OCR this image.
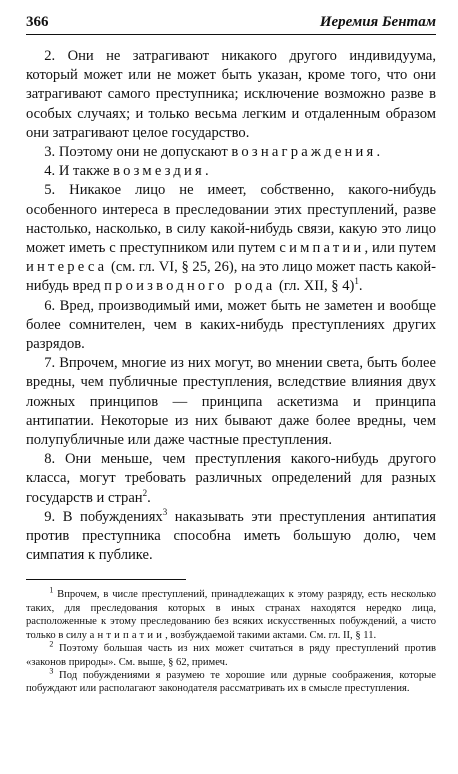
366	Иеремия Бентам

2. Они не затрагивают никакого другого индивидуума, который может или не может быть указан, кроме того, что они затрагивают самого преступника; исключение возможно разве в особых случаях; и только весьма легким и отдаленным образом они затрагивают целое государство.

3. Поэтому они не допускают вознаграждения.

4. И также возмездия.

5. Никакое лицо не имеет, собственно, какого-нибудь особенного интереса в преследовании этих преступлений, разве настолько, насколько, в силу какой-нибудь связи, какую это лицо может иметь с преступником или путем симпатии, или путем интереса (см. гл. VI, § 25, 26), на это лицо может пасть какой-нибудь вред производного рода (гл. XII, § 4)$^1$.

6. Вред, производимый ими, может быть не заметен и вообще более сомнителен, чем в каких-нибудь преступлениях других разрядов.

7. Впрочем, многие из них могут, во мнении света, быть более вредны, чем публичные преступления, вследствие влияния двух ложных принципов — принципа аскетизма и принципа антипатии. Некоторые из них бывают даже более вредны, чем полупубличные или даже частные преступления.

8. Они меньше, чем преступления какого-нибудь другого класса, могут требовать различных определений для разных государств и стран$^2$.

9. В побуждениях$^3$ наказывать эти преступления антипатия против преступника способна иметь большую долю, чем симпатия к публике.

$^1$ Впрочем, в числе преступлений, принадлежащих к этому разряду, есть несколько таких, для преследования которых в иных странах находятся нередко лица, расположенные к этому преследованию без всяких искусственных побуждений, а чисто только в силу антипатии, возбуждаемой такими актами. См. гл. II, § 11.

$^2$ Поэтому большая часть из них может считаться в ряду преступлений против «законов природы». См. выше, § 62, примеч.

$^3$ Под побуждениями я разумею те хорошие или дурные соображения, которые побуждают или располагают законодателя рассматривать их в смысле преступления.
